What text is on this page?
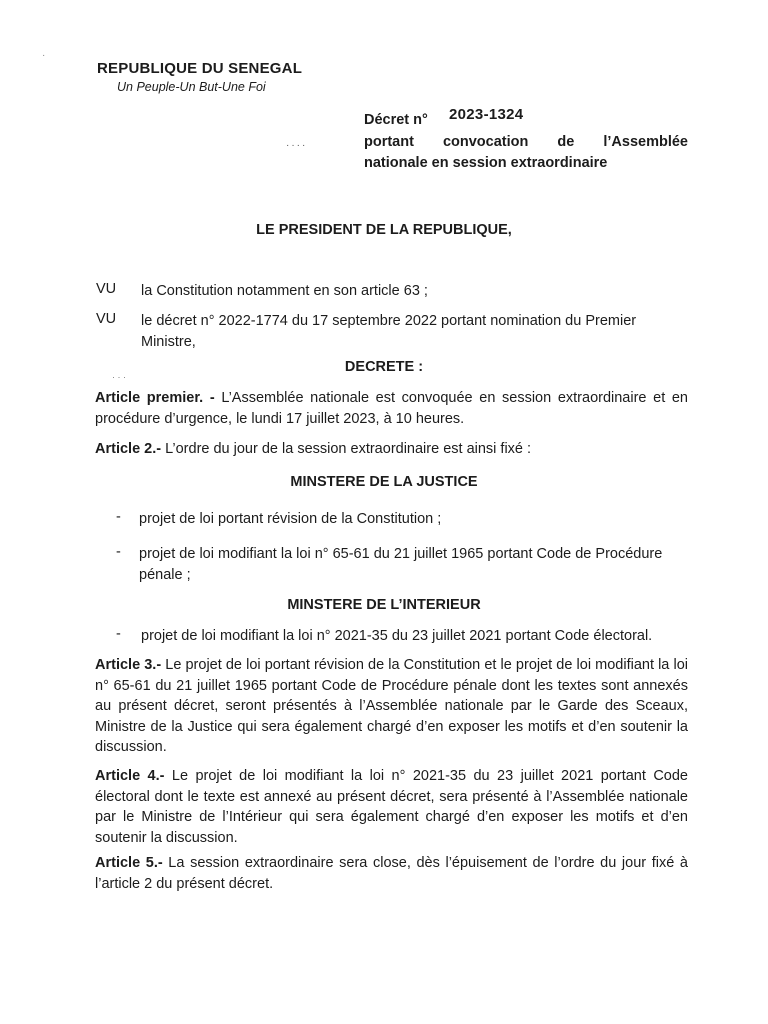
·
REPUBLIQUE DU SENEGAL
Un Peuple-Un But-Une Foi
Décret n° 2023-1324
····	portant convocation de l’Assemblée
nationale en session extraordinaire
LE PRESIDENT DE LA REPUBLIQUE,
VU la Constitution notamment en son article 63 ;
VU le décret n° 2022-1774 du 17 septembre 2022 portant nomination du Premier Ministre,
DECRETE :
· · ·
Article premier. - L’Assemblée nationale est convoquée en session extraordinaire et en procédure d’urgence, le lundi 17 juillet 2023, à 10 heures.
Article 2.- L’ordre du jour de la session extraordinaire est ainsi fixé :
MINSTERE DE LA JUSTICE
- projet de loi portant révision de la Constitution ;
- projet de loi modifiant la loi n° 65-61 du 21 juillet 1965 portant Code de Procédure pénale ;
MINSTERE DE L’INTERIEUR
- projet de loi modifiant la loi n° 2021-35 du 23 juillet 2021 portant Code électoral.
Article 3.- Le projet de loi portant révision de la Constitution et le projet de loi modifiant la loi n° 65-61 du 21 juillet 1965 portant Code de Procédure pénale dont les textes sont annexés au présent décret, seront présentés à l’Assemblée nationale par le Garde des Sceaux, Ministre de la Justice qui sera également chargé d’en exposer les motifs et d’en soutenir la discussion.
Article 4.- Le projet de loi modifiant la loi n° 2021-35 du 23 juillet 2021 portant Code électoral dont le texte est annexé au présent décret, sera présenté à l’Assemblée nationale par le Ministre de l’Intérieur qui sera également chargé d’en exposer les motifs et d’en soutenir la discussion.
Article 5.- La session extraordinaire sera close, dès l’épuisement de l’ordre du jour fixé à l’article 2 du présent décret.
